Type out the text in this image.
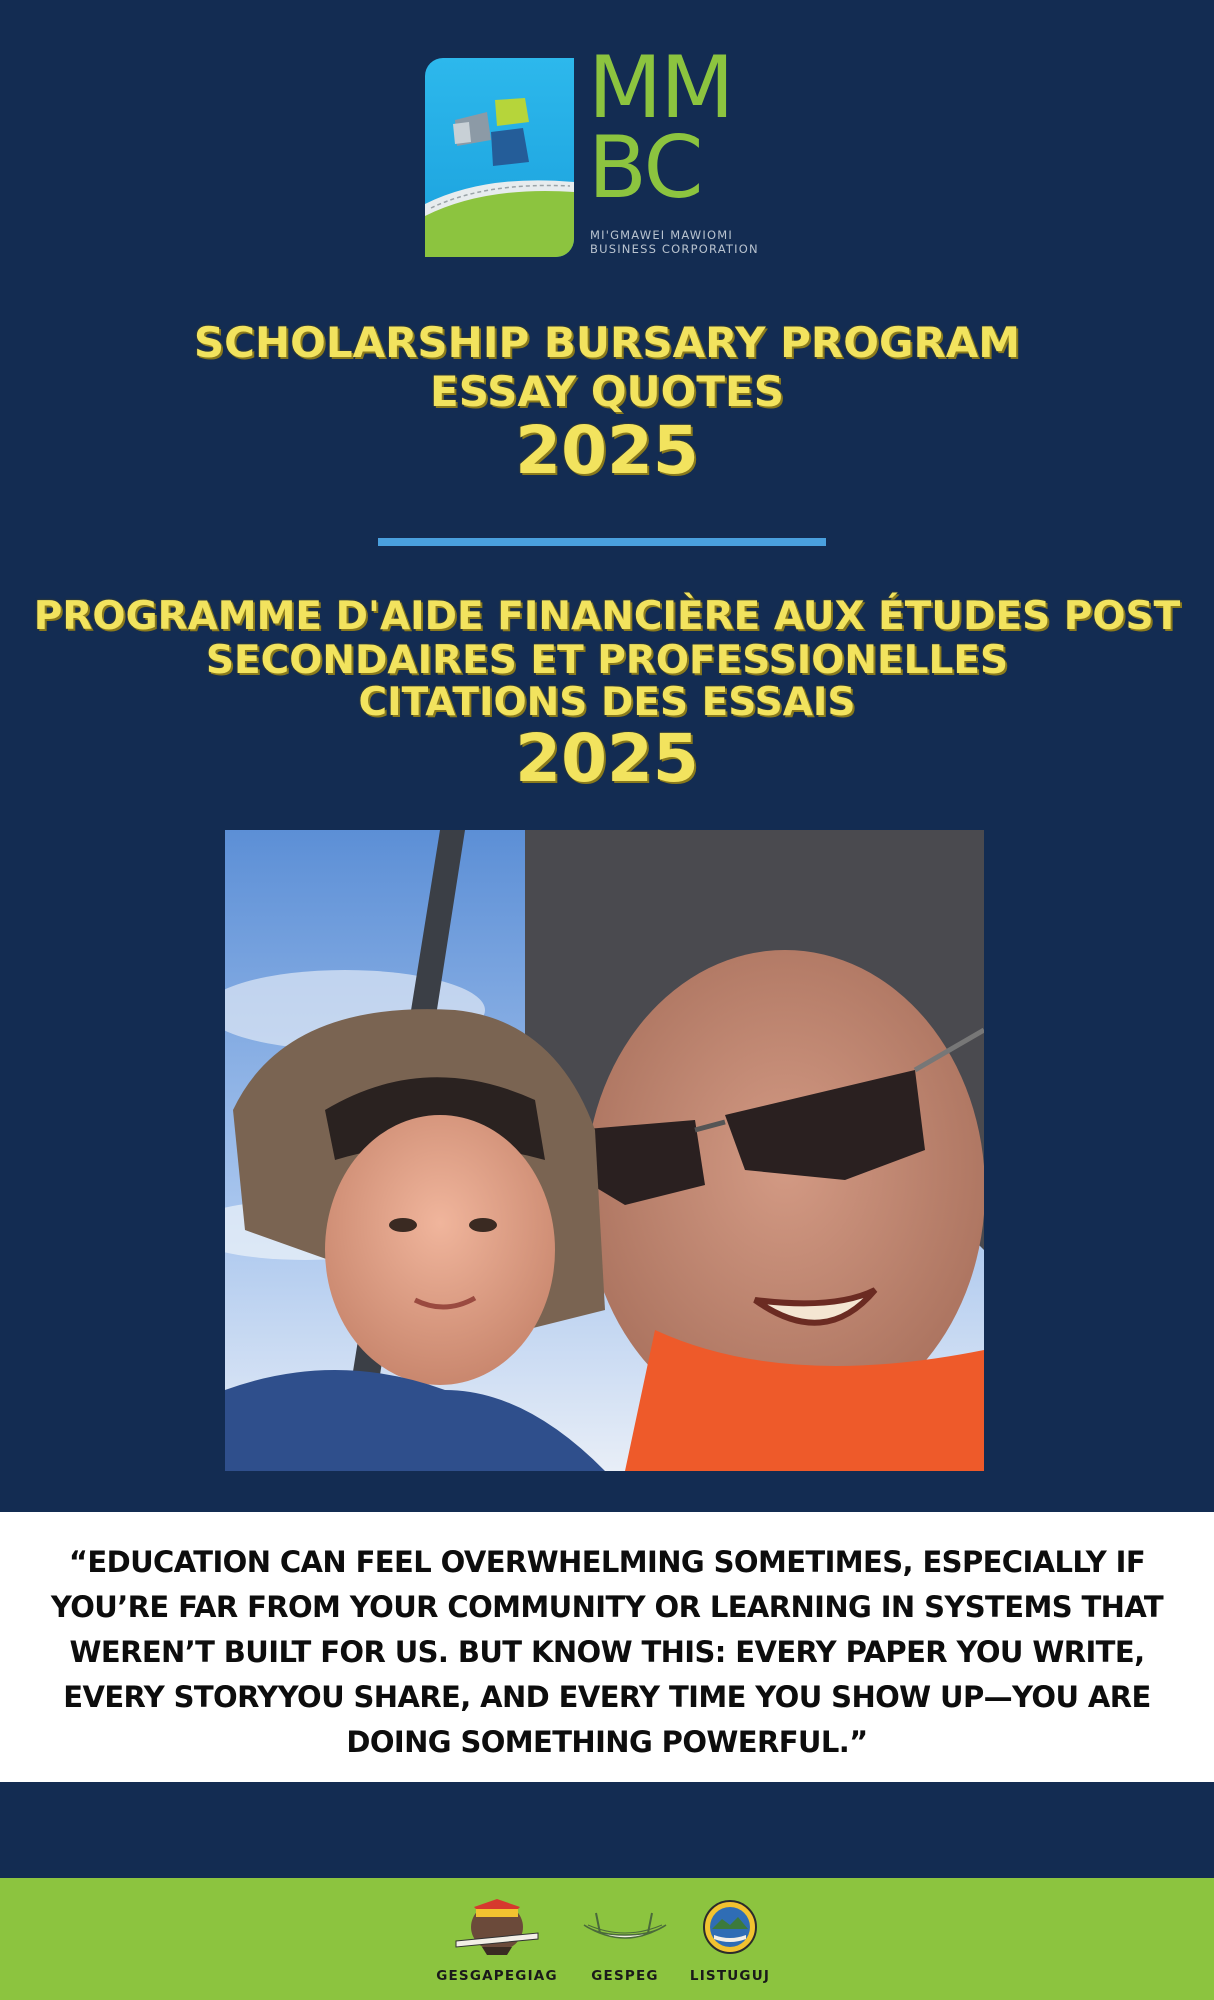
MM
BC
MI'GMAWEI MAWIOMI
BUSINESS CORPORATION
SCHOLARSHIP BURSARY PROGRAM
ESSAY QUOTES
2025
PROGRAMME D'AIDE FINANCIÈRE AUX ÉTUDES POST
SECONDAIRES ET PROFESSIONELLES
CITATIONS DES ESSAIS
2025
“EDUCATION CAN FEEL OVERWHELMING SOMETIMES, ESPECIALLY IF
YOU’RE FAR FROM YOUR COMMUNITY OR LEARNING IN SYSTEMS THAT
WEREN’T BUILT FOR US. BUT KNOW THIS: EVERY PAPER YOU WRITE,
EVERY STORYYOU SHARE, AND EVERY TIME YOU SHOW UP—YOU ARE
DOING SOMETHING POWERFUL.”
GESGAPEGIAG	GESPEG	LISTUGUJ
